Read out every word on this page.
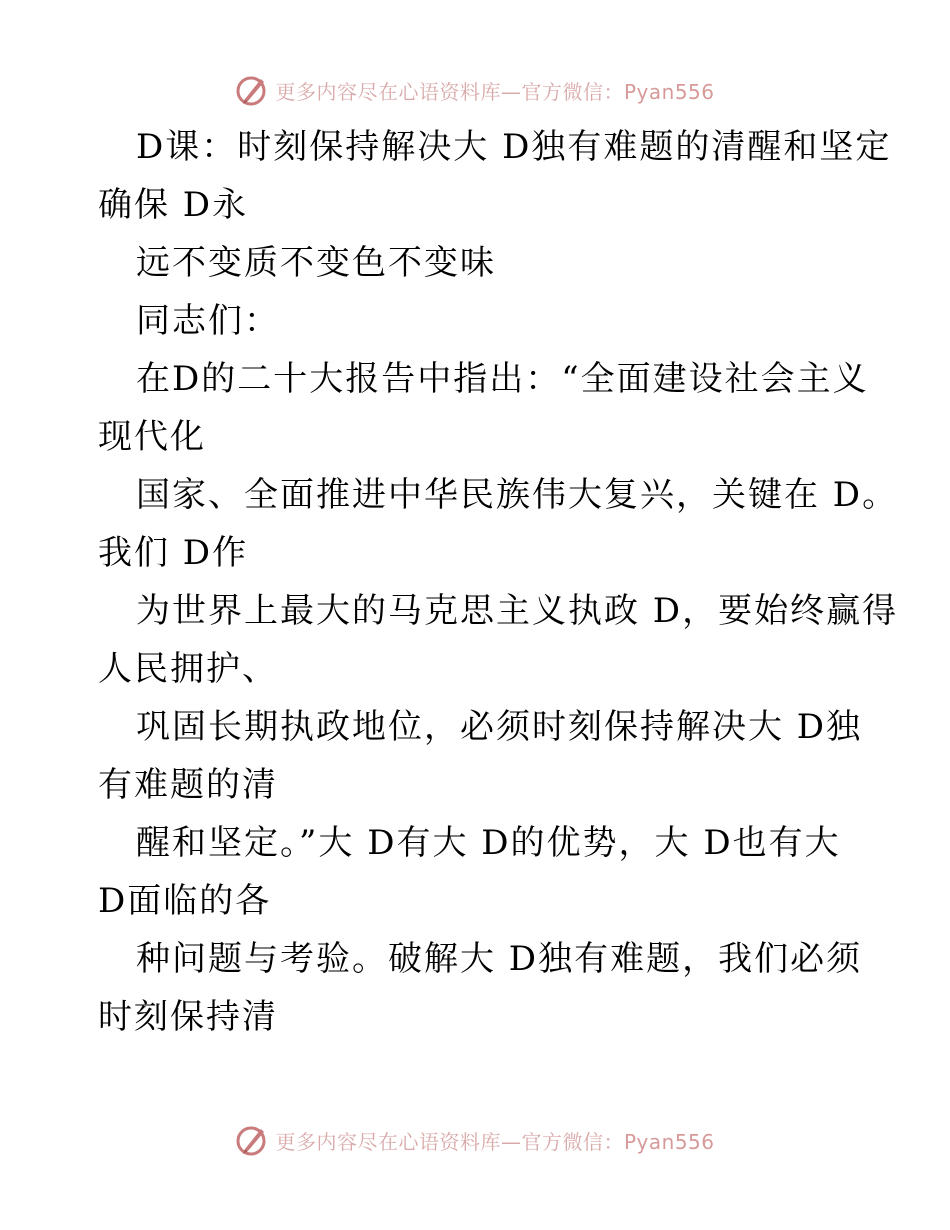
更多内容尽在心语资料库—官方微信：Pyan556
D课：时刻保持解决大 D独有难题的清醒和坚定
确保 D永
远不变质不变色不变味
同志们：
在D的二十大报告中指出：“全面建设社会主义
现代化
国家、全面推进中华民族伟大复兴，关键在 D。
我们 D作
为世界上最大的马克思主义执政 D，要始终赢得
人民拥护、
巩固长期执政地位，必须时刻保持解决大 D独
有难题的清
醒和坚定。”大 D有大 D的优势，大 D也有大
D面临的各
种问题与考验。破解大 D独有难题，我们必须
时刻保持清
更多内容尽在心语资料库—官方微信：Pyan556
